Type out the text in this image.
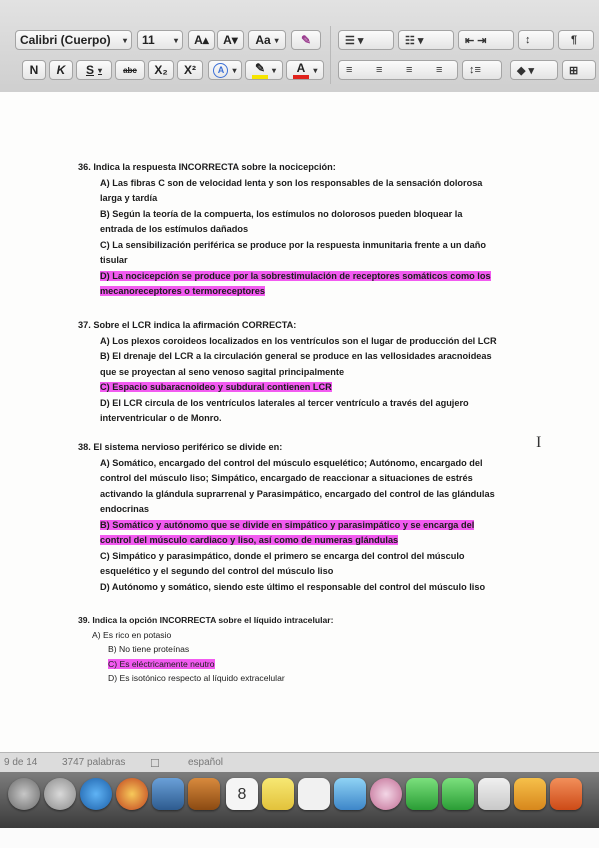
Calibri (Cuerpo) ▾ 11 ▾ A▴ A▾ Aa ▾ ✎	☰ ▾	☷ ▾	⇤ ⇥	↕	¶
N K S ▾	abc X₂ X²	A	▾ ✎ ▾	A	▾	≡ ≡ ≡ ≡ ↕≡	◆ ▾	⊞
36. Indica la respuesta INCORRECTA sobre la nocicepción:
A) Las fibras C son de velocidad lenta y son los responsables de la sensación dolorosa
larga y tardía
B) Según la teoría de la compuerta, los estímulos no dolorosos pueden bloquear la
entrada de los estímulos dañados
C) La sensibilización periférica se produce por la respuesta inmunitaria frente a un daño
tisular
D) La nocicepción se produce por la sobrestimulación de receptores somáticos como los
mecanoreceptores o termoreceptores
37. Sobre el LCR indica la afirmación CORRECTA:
A) Los plexos coroideos localizados en los ventrículos son el lugar de producción del LCR
B) El drenaje del LCR a la circulación general se produce en las vellosidades aracnoideas
que se proyectan al seno venoso sagital principalmente
C) Espacio subaracnoideo y subdural contienen LCR
D) El LCR circula de los ventrículos laterales al tercer ventrículo a través del agujero
interventricular o de Monro.
38. El sistema nervioso periférico se divide en:
A) Somático, encargado del control del músculo esquelético; Autónomo, encargado del
control del músculo liso; Simpático, encargado de reaccionar a situaciones de estrés
activando la glándula suprarrenal y Parasimpático, encargado del control de las glándulas
endocrinas
B) Somático y autónomo que se divide en simpático y parasimpático y se encarga del
control del músculo cardiaco y liso, así como de numeras glándulas
C) Simpático y parasimpático, donde el primero se encarga del control del músculo
esquelético y el segundo del control del músculo liso
D) Autónomo y somático, siendo este último el responsable del control del músculo liso
39. Indica la opción INCORRECTA sobre el líquido intracelular:
A) Es rico en potasio
B) No tiene proteínas
C) Es eléctricamente neutro
D) Es isotónico respecto al líquido extracelular
I
9 de 14 3747 palabras ☐	español
8
